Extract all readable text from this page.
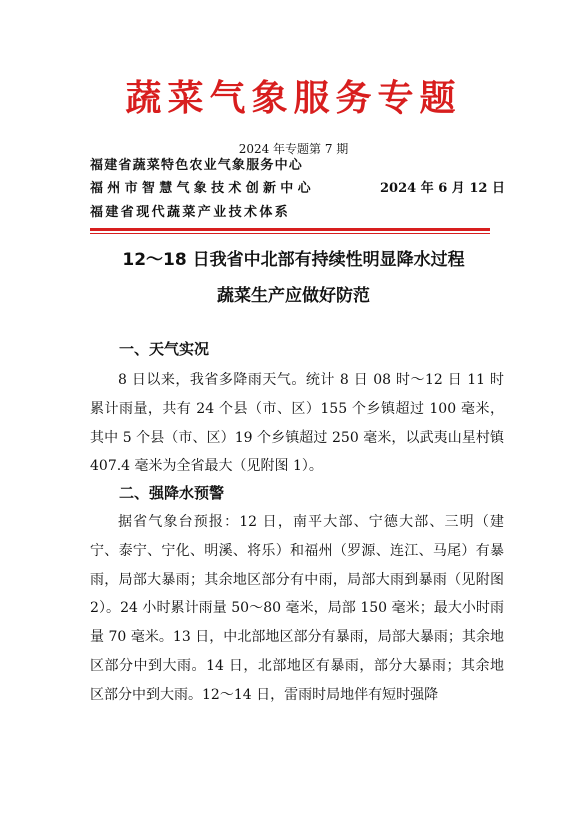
蔬菜气象服务专题
2024 年专题第 7 期
福建省蔬菜特色农业气象服务中心
福州市智慧气象技术创新中心
福建省现代蔬菜产业技术体系
2024 年 6 月 12 日
12～18 日我省中北部有持续性明显降水过程
蔬菜生产应做好防范
一、天气实况

8 日以来，我省多降雨天气。统计 8 日 08 时～12 日 11 时累计雨量，共有 24 个县（市、区）155 个乡镇超过 100 毫米，其中 5 个县（市、区）19 个乡镇超过 250 毫米，以武夷山星村镇 407.4 毫米为全省最大（见附图 1）。

二、强降水预警

据省气象台预报：12 日，南平大部、宁德大部、三明（建宁、泰宁、宁化、明溪、将乐）和福州（罗源、连江、马尾）有暴雨，局部大暴雨；其余地区部分有中雨，局部大雨到暴雨（见附图 2）。24 小时累计雨量 50～80 毫米，局部 150 毫米；最大小时雨量 70 毫米。13 日，中北部地区部分有暴雨，局部大暴雨；其余地区部分中到大雨。14 日，北部地区有暴雨，部分大暴雨；其余地区部分中到大雨。12～14 日，雷雨时局地伴有短时强降
